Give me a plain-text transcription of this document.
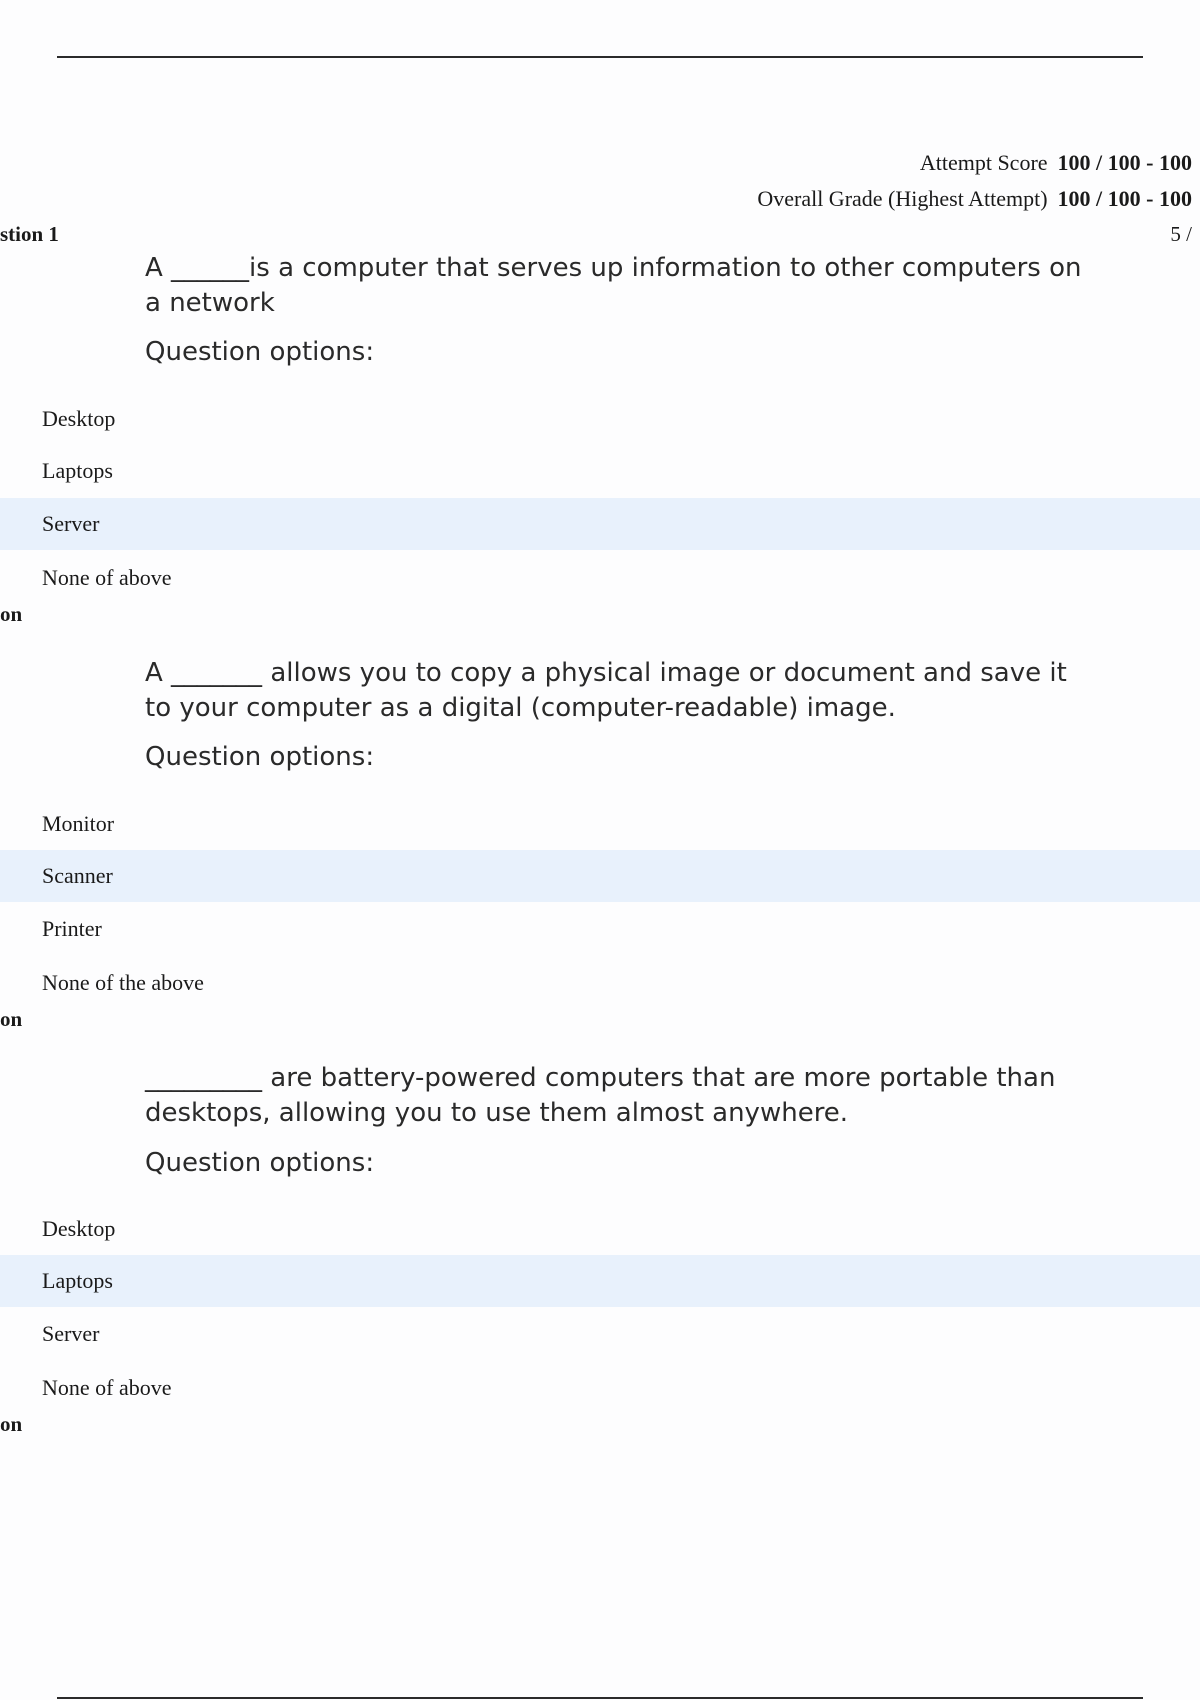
Attempt Score 100 / 100 - 100
Overall Grade (Highest Attempt) 100 / 100 - 100
stion 1	5 /

A ______is a computer that serves up information to other computers on a network

Question options:
Desktop
Laptops
Server
None of above
on

A _______ allows you to copy a physical image or document and save it to your computer as a digital (computer-readable) image.

Question options:
Monitor
Scanner
Printer
None of the above
on

_________ are battery-powered computers that are more portable than desktops, allowing you to use them almost anywhere.

Question options:
Desktop
Laptops
Server
None of above
on
